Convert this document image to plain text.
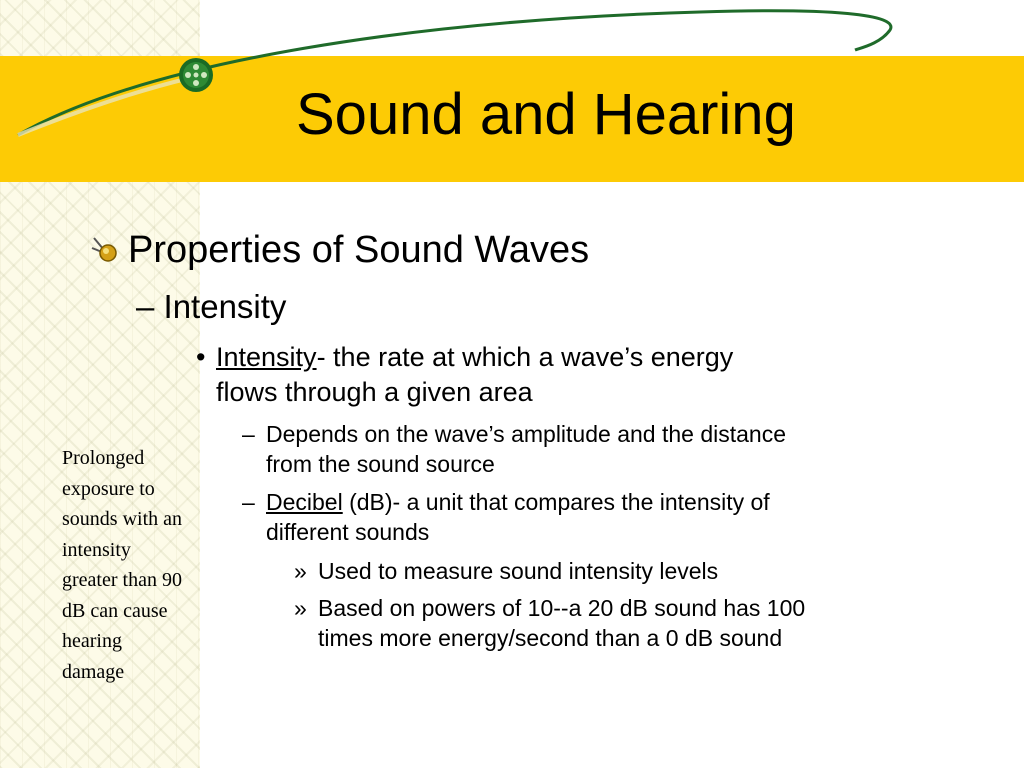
Sound and Hearing
Properties of Sound Waves
– Intensity
• Intensity- the rate at which a wave’s energy
flows through a given area
– Depends on the wave’s amplitude and the distance
from the sound source
– Decibel (dB)- a unit that compares the intensity of
different sounds
» Used to measure sound intensity levels
» Based on powers of 10--a 20 dB sound has 100
times more energy/second than a 0 dB sound
Prolonged
exposure to
sounds with an
intensity
greater than 90
dB can cause
hearing
damage
